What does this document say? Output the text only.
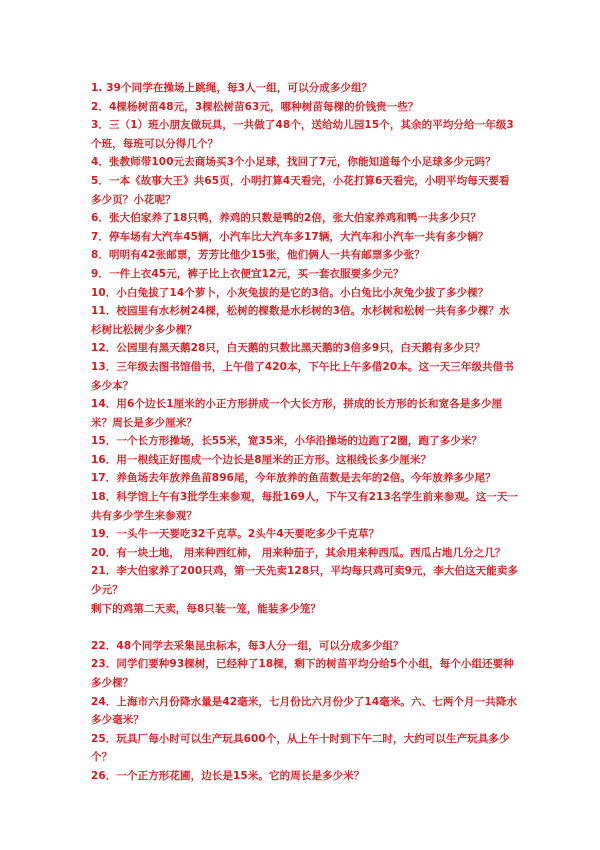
1. 39个同学在操场上跳绳，每3人一组，可以分成多少组？

2．4棵杨树苗48元，3棵松树苗63元，哪种树苗每棵的价钱贵一些？

3．三（1）班小朋友做玩具，一共做了48个，送给幼儿园15个，其余的平均分给一年级3个班，每班可以分得几个？

4．张教师带100元去商场买3个小足球，找回了7元，你能知道每个小足球多少元吗？

5．一本《故事大王》共65页，小明打算4天看完，小花打算6天看完，小明平均每天要看多少页？小花呢？

6．张大伯家养了18只鸭，养鸡的只数是鸭的2倍，张大伯家养鸡和鸭一共多少只？

7．停车场有大汽车45辆，小汽车比大汽车多17辆，大汽车和小汽车一共有多少辆？

8．明明有42张邮票，芳芳比他少15张，他们俩人一共有邮票多少张？

9．一件上衣45元，裤子比上衣便宜12元，买一套衣服要多少元？

10．小白兔拔了14个萝卜，小灰兔拔的是它的3倍。小白兔比小灰兔少拔了多少棵？

11．校园里有水杉树24棵，松树的棵数是水杉树的3倍。水杉树和松树一共有多少棵？水杉树比松树少多少棵？

12．公园里有黑天鹅28只，白天鹅的只数比黑天鹅的3倍多9只，白天鹅有多少只？

13．三年级去图书馆借书，上午借了420本，下午比上午多借20本。这一天三年级共借书多少本？

14．用6个边长1厘米的小正方形拼成一个大长方形，拼成的长方形的长和宽各是多少厘米？周长是多少厘米？

15．一个长方形操场，长55米，宽35米，小华沿操场的边跑了2圈，跑了多少米？

16．用一根线正好围成一个边长是8厘米的正方形。这根线长多少厘米？

17．养鱼场去年放养鱼苗896尾，今年放养的鱼苗数是去年的2倍。今年放养多少尾？

18．科学馆上午有3批学生来参观，每批169人，下午又有213名学生前来参观。这一天一共有多少学生来参观？

19．一头牛一天要吃32千克草。2头牛4天要吃多少千克草？

20．有一块土地， 用来种西红柿， 用来种茄子，其余用来种西瓜。西瓜占地几分之几？

21．李大伯家养了200只鸡，第一天先卖128只，平均每只鸡可卖9元，李大伯这天能卖多少元？

剩下的鸡第二天卖，每8只装一笼，能装多少笼？

22．48个同学去采集昆虫标本，每3人分一组，可以分成多少组？

23．同学们要种93棵树，已经种了18棵，剩下的树苗平均分给5个小组，每个小组还要种多少棵？

24．上海市六月份降水量是42毫米，七月份比六月份少了14毫米。六、七两个月一共降水多少毫米？

25．玩具厂每小时可以生产玩具600个，从上午十时到下午二时，大约可以生产玩具多少个？

26．一个正方形花圃，边长是15米。它的周长是多少米？
